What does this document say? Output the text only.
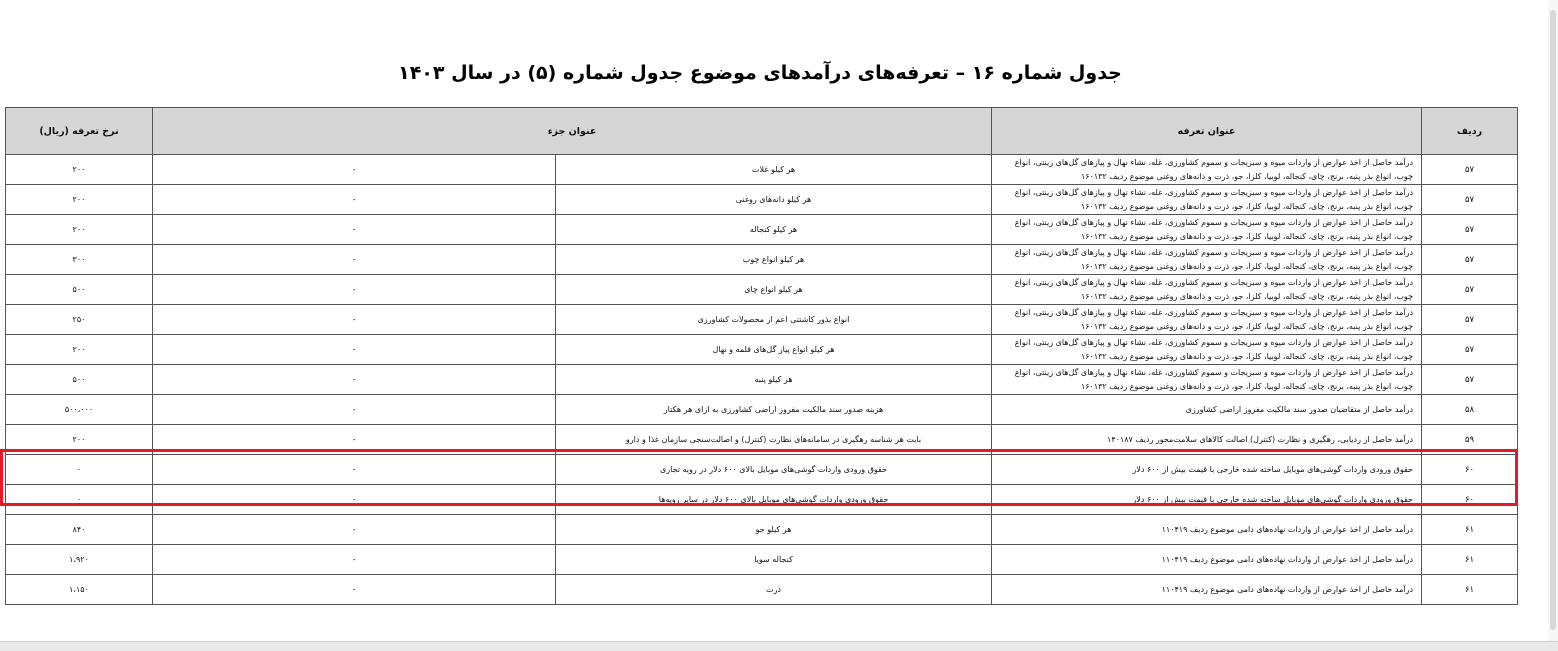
جدول شماره ۱۶ – تعرفه‌های درآمدهای موضوع جدول شماره (۵) در سال ۱۴۰۳
ردیف	عنوان تعرفه	عنوان جزء		نرخ تعرفه (ریال)
۵۷	درآمد حاصل از اخذ عوارض از واردات میوه و سبزیجات و سموم کشاورزی، غله، نشاء نهال و پیازهای گل‌های زینتی، انواع چوب، انواع بذر پنبه، برنج، چای، کنجاله، لوبیا، کلزا، جو، ذرت و دانه‌های روغنی موضوع ردیف ۱۶۰۱۳۲	هر کیلو غلات	-	۲۰۰
۵۷	درآمد حاصل از اخذ عوارض از واردات میوه و سبزیجات و سموم کشاورزی، غله، نشاء نهال و پیازهای گل‌های زینتی، انواع چوب، انواع بذر پنبه، برنج، چای، کنجاله، لوبیا، کلزا، جو، ذرت و دانه‌های روغنی موضوع ردیف ۱۶۰۱۳۲	هر کیلو دانه‌های روغنی	-	۲۰۰
۵۷	درآمد حاصل از اخذ عوارض از واردات میوه و سبزیجات و سموم کشاورزی، غله، نشاء نهال و پیازهای گل‌های زینتی، انواع چوب، انواع بذر پنبه، برنج، چای، کنجاله، لوبیا، کلزا، جو، ذرت و دانه‌های روغنی موضوع ردیف ۱۶۰۱۳۲	هر کیلو کنجاله	-	۲۰۰
۵۷	درآمد حاصل از اخذ عوارض از واردات میوه و سبزیجات و سموم کشاورزی، غله، نشاء نهال و پیازهای گل‌های زینتی، انواع چوب، انواع بذر پنبه، برنج، چای، کنجاله، لوبیا، کلزا، جو، ذرت و دانه‌های روغنی موضوع ردیف ۱۶۰۱۳۲	هر کیلو انواع چوب	-	۳۰۰
۵۷	درآمد حاصل از اخذ عوارض از واردات میوه و سبزیجات و سموم کشاورزی، غله، نشاء نهال و پیازهای گل‌های زینتی، انواع چوب، انواع بذر پنبه، برنج، چای، کنجاله، لوبیا، کلزا، جو، ذرت و دانه‌های روغنی موضوع ردیف ۱۶۰۱۳۲	هر کیلو انواع چای	-	۵۰۰
۵۷	درآمد حاصل از اخذ عوارض از واردات میوه و سبزیجات و سموم کشاورزی، غله، نشاء نهال و پیازهای گل‌های زینتی، انواع چوب، انواع بذر پنبه، برنج، چای، کنجاله، لوبیا، کلزا، جو، ذرت و دانه‌های روغنی موضوع ردیف ۱۶۰۱۳۲	انواع بذور کاشتنی اعم از محصولات کشاورزی	-	۲۵۰
۵۷	درآمد حاصل از اخذ عوارض از واردات میوه و سبزیجات و سموم کشاورزی، غله، نشاء نهال و پیازهای گل‌های زینتی، انواع چوب، انواع بذر پنبه، برنج، چای، کنجاله، لوبیا، کلزا، جو، ذرت و دانه‌های روغنی موضوع ردیف ۱۶۰۱۳۲	هر کیلو انواع پیاز گل‌های قلمه و نهال	-	۲۰۰
۵۷	درآمد حاصل از اخذ عوارض از واردات میوه و سبزیجات و سموم کشاورزی، غله، نشاء نهال و پیازهای گل‌های زینتی، انواع چوب، انواع بذر پنبه، برنج، چای، کنجاله، لوبیا، کلزا، جو، ذرت و دانه‌های روغنی موضوع ردیف ۱۶۰۱۳۲	هر کیلو پنبه	-	۵۰۰
۵۸	درآمد حاصل از متقاضیان صدور سند مالکیت مفروز اراضی کشاورزی	هزینه صدور سند مالکیت مفروز اراضی کشاورزی به ازای هر هکتار	-	۵۰۰،۰۰۰
۵۹	درآمد حاصل از ردیابی، رهگیری و نظارت (کنترل) اصالت کالاهای سلامت‌محور ردیف ۱۴۰۱۸۷	بابت هر شناسه رهگیری در سامانه‌های نظارت (کنترل) و اصالت‌سنجی سازمان غذا و دارو	-	۲۰۰
۶۰	حقوق ورودی واردات گوشی‌های موبایل ساخته شده خارجی با قیمت بیش از ۶۰۰ دلار	حقوق ورودی واردات گوشی‌های موبایل بالای ۶۰۰ دلار در رویه تجاری	-	۰
۶۰	حقوق ورودی واردات گوشی‌های موبایل ساخته شده خارجی با قیمت بیش از ۶۰۰ دلار	حقوق ورودی واردات گوشی‌های موبایل بالای ۶۰۰ دلار در سایر رویه‌ها	-	۰
۶۱	درآمد حاصل از اخذ عوارض از واردات نهاده‌های دامی موضوع ردیف ۱۱۰۴۱۹	هر کیلو جو	-	۸۴۰
۶۱	درآمد حاصل از اخذ عوارض از واردات نهاده‌های دامی موضوع ردیف ۱۱۰۴۱۹	کنجاله سویا	-	۱،۹۲۰
۶۱	درآمد حاصل از اخذ عوارض از واردات نهاده‌های دامی موضوع ردیف ۱۱۰۴۱۹	ذرت	-	۱،۱۵۰
